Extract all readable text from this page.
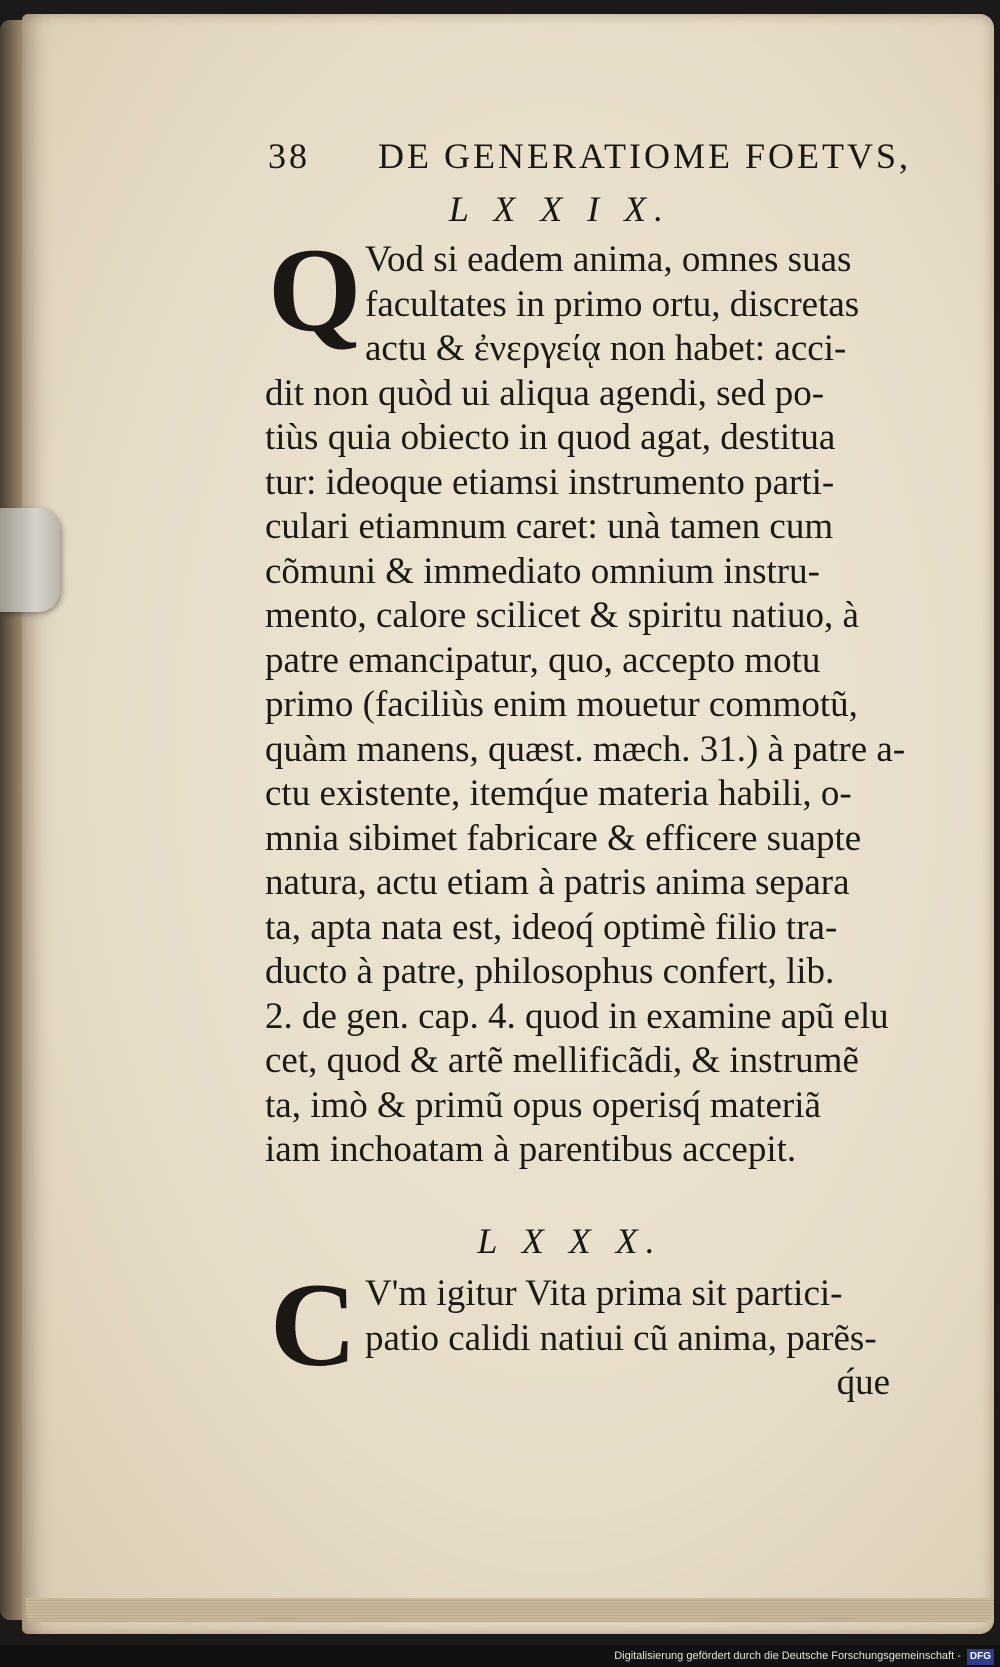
38 DE GENERATIOME FOETVS,
L X X I X.
Q Vod si eadem anima, omnes suas
facultates in primo ortu, discretas
actu & ἐνεργείᾳ non habet: acci-
dit non quòd ui aliqua agendi, sed po-
tiùs quia obiecto in quod agat, destitua
tur: ideoque etiamsi instrumento parti-
culari etiamnum caret: unà tamen cum
cõmuni & immediato omnium instru-
mento, calore scilicet & spiritu natiuo, à
patre emancipatur, quo, accepto motu
primo (faciliùs enim mouetur commotũ,
quàm manens, quæst. mæch. 31.) à patre a-
ctu existente, itemq́ue materia habili, o-
mnia sibimet fabricare & efficere suapte
natura, actu etiam à patris anima separa
ta, apta nata est, ideoq́ optimè filio tra-
ducto à patre, philosophus confert, lib.
2. de gen. cap. 4. quod in examine apũ elu
cet, quod & artẽ mellificãdi, & instrumẽ
ta, imò & primũ opus operisq́ materiã
iam inchoatam à parentibus accepit.
L X X X.
C V'm igitur Vita prima sit partici-
patio calidi natiui cũ anima, parẽs-
q́ue
Digitalisierung gefördert durch die Deutsche Forschungsgemeinschaft - DFG
